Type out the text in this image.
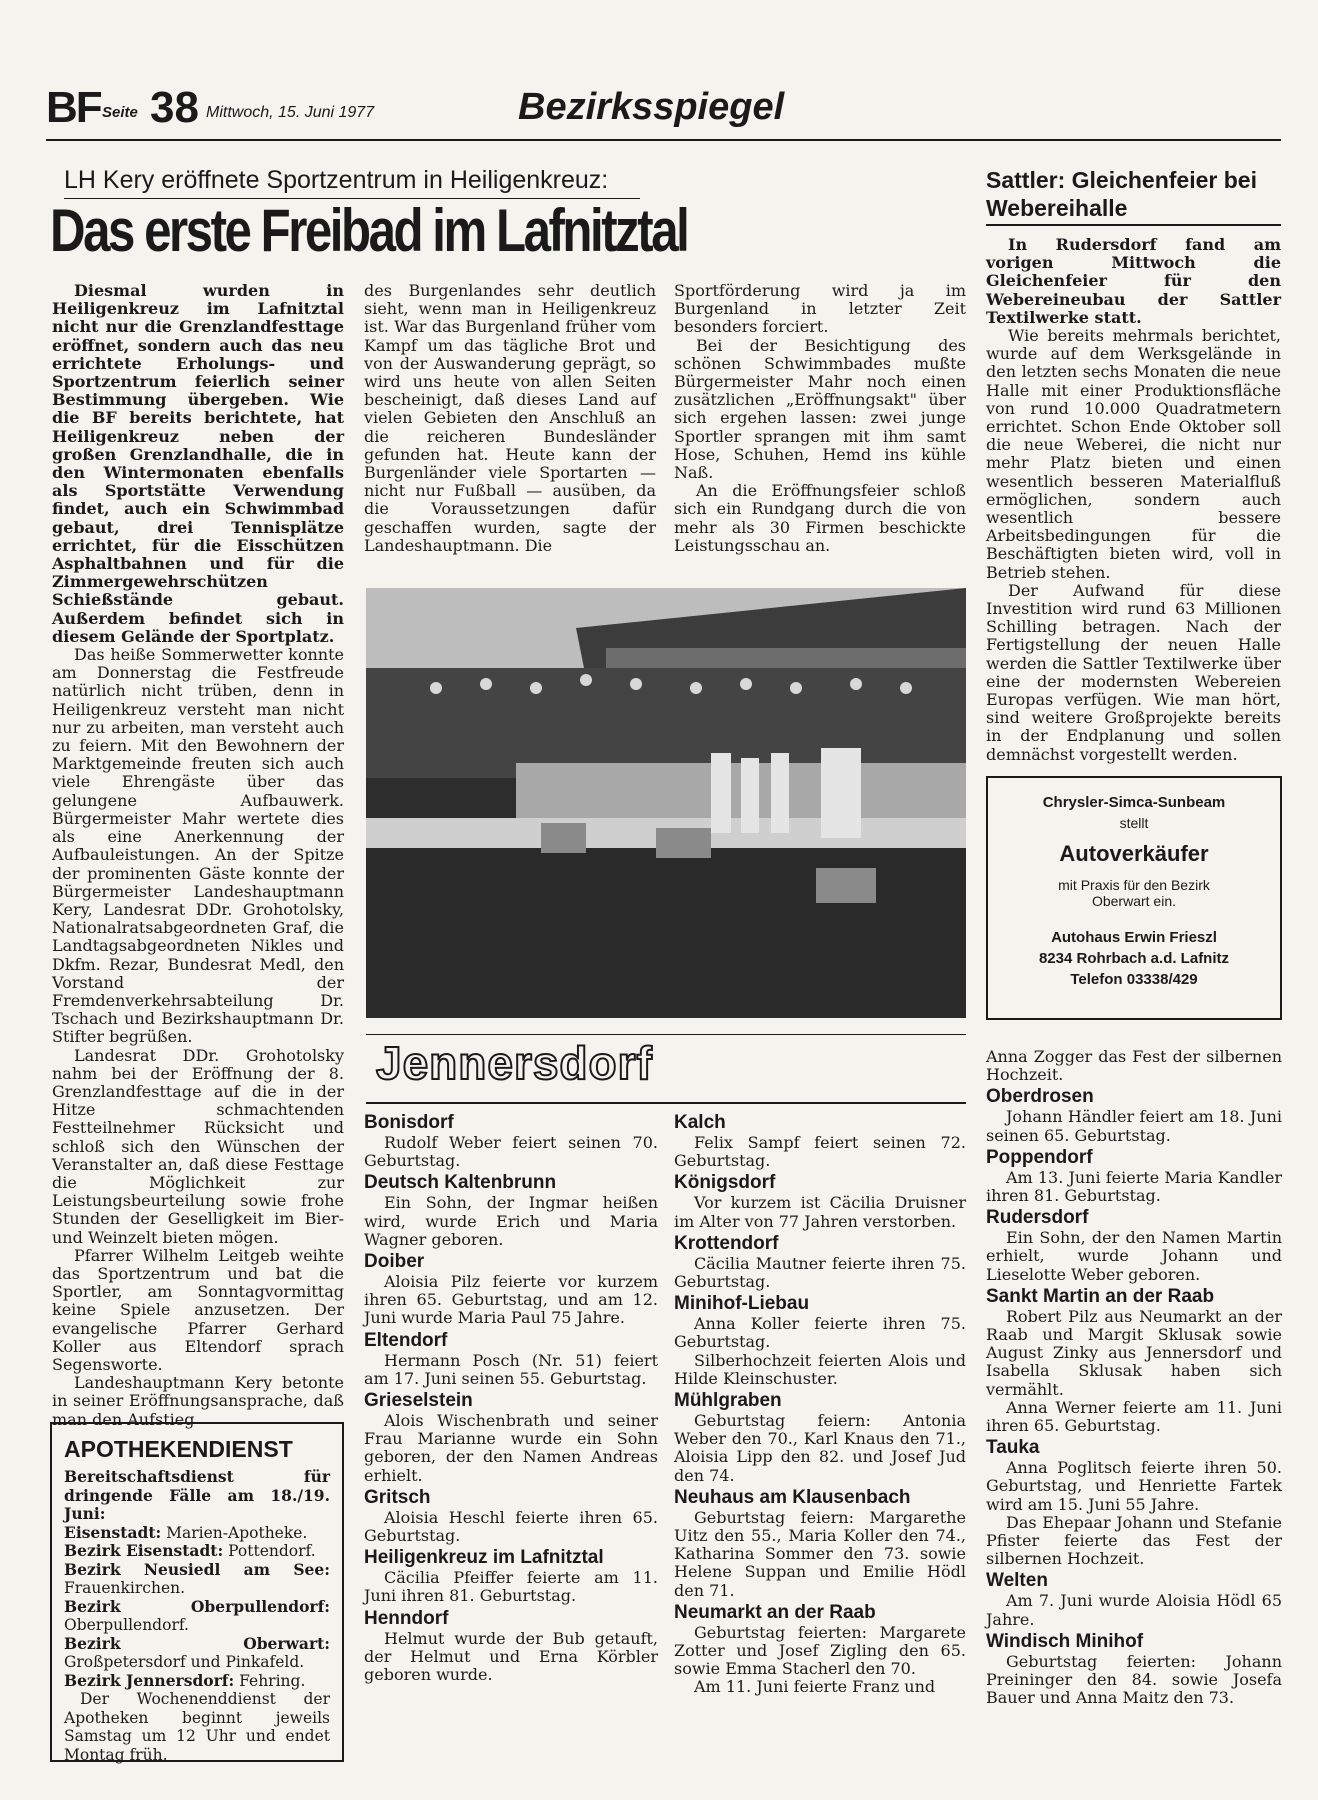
BF Seite 38 Mittwoch, 15. Juni 1977	Bezirksspiegel
LH Kery eröffnete Sportzentrum in Heiligenkreuz:
Das erste Freibad im Lafnitztal

Diesmal wurden in Heiligenkreuz im Lafnitztal nicht nur die Grenzlandfesttage eröffnet, sondern auch das neu errichtete Erholungs- und Sportzentrum feierlich seiner Bestimmung übergeben. Wie die BF bereits berichtete, hat Heiligenkreuz neben der großen Grenzlandhalle, die in den Wintermonaten ebenfalls als Sportstätte Verwendung findet, auch ein Schwimmbad gebaut, drei Tennisplätze errichtet, für die Eisschützen Asphaltbahnen und für die Zimmergewehrschützen Schießstände gebaut. Außerdem befindet sich in diesem Gelände der Sportplatz.

Das heiße Sommerwetter konnte am Donnerstag die Festfreude natürlich nicht trüben, denn in Heiligenkreuz versteht man nicht nur zu arbeiten, man versteht auch zu feiern. Mit den Bewohnern der Marktgemeinde freuten sich auch viele Ehrengäste über das gelungene Aufbauwerk. Bürgermeister Mahr wertete dies als eine Anerkennung der Aufbauleistungen. An der Spitze der prominenten Gäste konnte der Bürgermeister Landeshauptmann Kery, Landesrat DDr. Grohotolsky, Nationalratsabgeordneten Graf, die Landtagsabgeordneten Nikles und Dkfm. Rezar, Bundesrat Medl, den Vorstand der Fremdenverkehrsabteilung Dr. Tschach und Bezirkshauptmann Dr. Stifter begrüßen.

Landesrat DDr. Grohotolsky nahm bei der Eröffnung der 8. Grenzlandfesttage auf die in der Hitze schmachtenden Festteilnehmer Rücksicht und schloß sich den Wünschen der Veranstalter an, daß diese Festtage die Möglichkeit zur Leistungsbeurteilung sowie frohe Stunden der Geselligkeit im Bier- und Weinzelt bieten mögen.

Pfarrer Wilhelm Leitgeb weihte das Sportzentrum und bat die Sportler, am Sonntagvormittag keine Spiele anzusetzen. Der evangelische Pfarrer Gerhard Koller aus Eltendorf sprach Segensworte.

Landeshauptmann Kery betonte in seiner Eröffnungsansprache, daß man den Aufstieg

des Burgenlandes sehr deutlich sieht, wenn man in Heiligenkreuz ist. War das Burgenland früher vom Kampf um das tägliche Brot und von der Auswanderung geprägt, so wird uns heute von allen Seiten bescheinigt, daß dieses Land auf vielen Gebieten den Anschluß an die reicheren Bundesländer gefunden hat. Heute kann der Burgenländer viele Sportarten — nicht nur Fußball — ausüben, da die Voraussetzungen dafür geschaffen wurden, sagte der Landeshauptmann. Die

Sportförderung wird ja im Burgenland in letzter Zeit besonders forciert.

Bei der Besichtigung des schönen Schwimmbades mußte Bürgermeister Mahr noch einen zusätzlichen „Eröffnungsakt" über sich ergehen lassen: zwei junge Sportler sprangen mit ihm samt Hose, Schuhen, Hemd ins kühle Naß.

An die Eröffnungsfeier schloß sich ein Rundgang durch die von mehr als 30 Firmen beschickte Leistungsschau an.

Sattler: Gleichenfeier bei Webereihalle

In Rudersdorf fand am vorigen Mittwoch die Gleichenfeier für den Webereineubau der Sattler Textilwerke statt.

Wie bereits mehrmals berichtet, wurde auf dem Werksgelände in den letzten sechs Monaten die neue Halle mit einer Produktionsfläche von rund 10.000 Quadratmetern errichtet. Schon Ende Oktober soll die neue Weberei, die nicht nur mehr Platz bieten und einen wesentlich besseren Materialfluß ermöglichen, sondern auch wesentlich bessere Arbeitsbedingungen für die Beschäftigten bieten wird, voll in Betrieb stehen.

Der Aufwand für diese Investition wird rund 63 Millionen Schilling betragen. Nach der Fertigstellung der neuen Halle werden die Sattler Textilwerke über eine der modernsten Webereien Europas verfügen. Wie man hört, sind weitere Großprojekte bereits in der Endplanung und sollen demnächst vorgestellt werden.

Chrysler-Simca-Sunbeam
stellt
Autoverkäufer
mit Praxis für den Bezirk
Oberwart ein.
Autohaus Erwin Frieszl
8234 Rohrbach a.d. Lafnitz
Telefon 03338/429
APOTHEKENDIENST
Bereitschaftsdienst für dringende Fälle am 18./19. Juni:
Eisenstadt: Marien-Apotheke.
Bezirk Eisenstadt: Pottendorf.
Bezirk Neusiedl am See: Frauenkirchen.
Bezirk Oberpullendorf: Oberpullendorf.
Bezirk Oberwart: Großpetersdorf und Pinkafeld.
Bezirk Jennersdorf: Fehring.
Der Wochenenddienst der Apotheken beginnt jeweils Samstag um 12 Uhr und endet Montag früh.
Jennersdorf
Bonisdorf
Rudolf Weber feiert seinen 70. Geburtstag.
Deutsch Kaltenbrunn
Ein Sohn, der Ingmar heißen wird, wurde Erich und Maria Wagner geboren.
Doiber
Aloisia Pilz feierte vor kurzem ihren 65. Geburtstag, und am 12. Juni wurde Maria Paul 75 Jahre.
Eltendorf
Hermann Posch (Nr. 51) feiert am 17. Juni seinen 55. Geburtstag.
Grieselstein
Alois Wischenbrath und seiner Frau Marianne wurde ein Sohn geboren, der den Namen Andreas erhielt.
Gritsch
Aloisia Heschl feierte ihren 65. Geburtstag.
Heiligenkreuz im Lafnitztal
Cäcilia Pfeiffer feierte am 11. Juni ihren 81. Geburtstag.
Henndorf
Helmut wurde der Bub getauft, der Helmut und Erna Körbler geboren wurde.
Kalch
Felix Sampf feiert seinen 72. Geburtstag.
Königsdorf
Vor kurzem ist Cäcilia Druisner im Alter von 77 Jahren verstorben.
Krottendorf
Cäcilia Mautner feierte ihren 75. Geburtstag.
Minihof-Liebau
Anna Koller feierte ihren 75. Geburtstag.
Silberhochzeit feierten Alois und Hilde Kleinschuster.
Mühlgraben
Geburtstag feiern: Antonia Weber den 70., Karl Knaus den 71., Aloisia Lipp den 82. und Josef Jud den 74.
Neuhaus am Klausenbach
Geburtstag feiern: Margarethe Uitz den 55., Maria Koller den 74., Katharina Sommer den 73. sowie Helene Suppan und Emilie Hödl den 71.
Neumarkt an der Raab
Geburtstag feierten: Margarete Zotter und Josef Zigling den 65. sowie Emma Stacherl den 70.
Am 11. Juni feierte Franz und
Anna Zogger das Fest der silbernen Hochzeit.
Oberdrosen
Johann Händler feiert am 18. Juni seinen 65. Geburtstag.
Poppendorf
Am 13. Juni feierte Maria Kandler ihren 81. Geburtstag.
Rudersdorf
Ein Sohn, der den Namen Martin erhielt, wurde Johann und Lieselotte Weber geboren.
Sankt Martin an der Raab
Robert Pilz aus Neumarkt an der Raab und Margit Sklusak sowie August Zinky aus Jennersdorf und Isabella Sklusak haben sich vermählt.
Anna Werner feierte am 11. Juni ihren 65. Geburtstag.
Tauka
Anna Poglitsch feierte ihren 50. Geburtstag, und Henriette Fartek wird am 15. Juni 55 Jahre.
Das Ehepaar Johann und Stefanie Pfister feierte das Fest der silbernen Hochzeit.
Welten
Am 7. Juni wurde Aloisia Hödl 65 Jahre.
Windisch Minihof
Geburtstag feierten: Johann Preininger den 84. sowie Josefa Bauer und Anna Maitz den 73.
